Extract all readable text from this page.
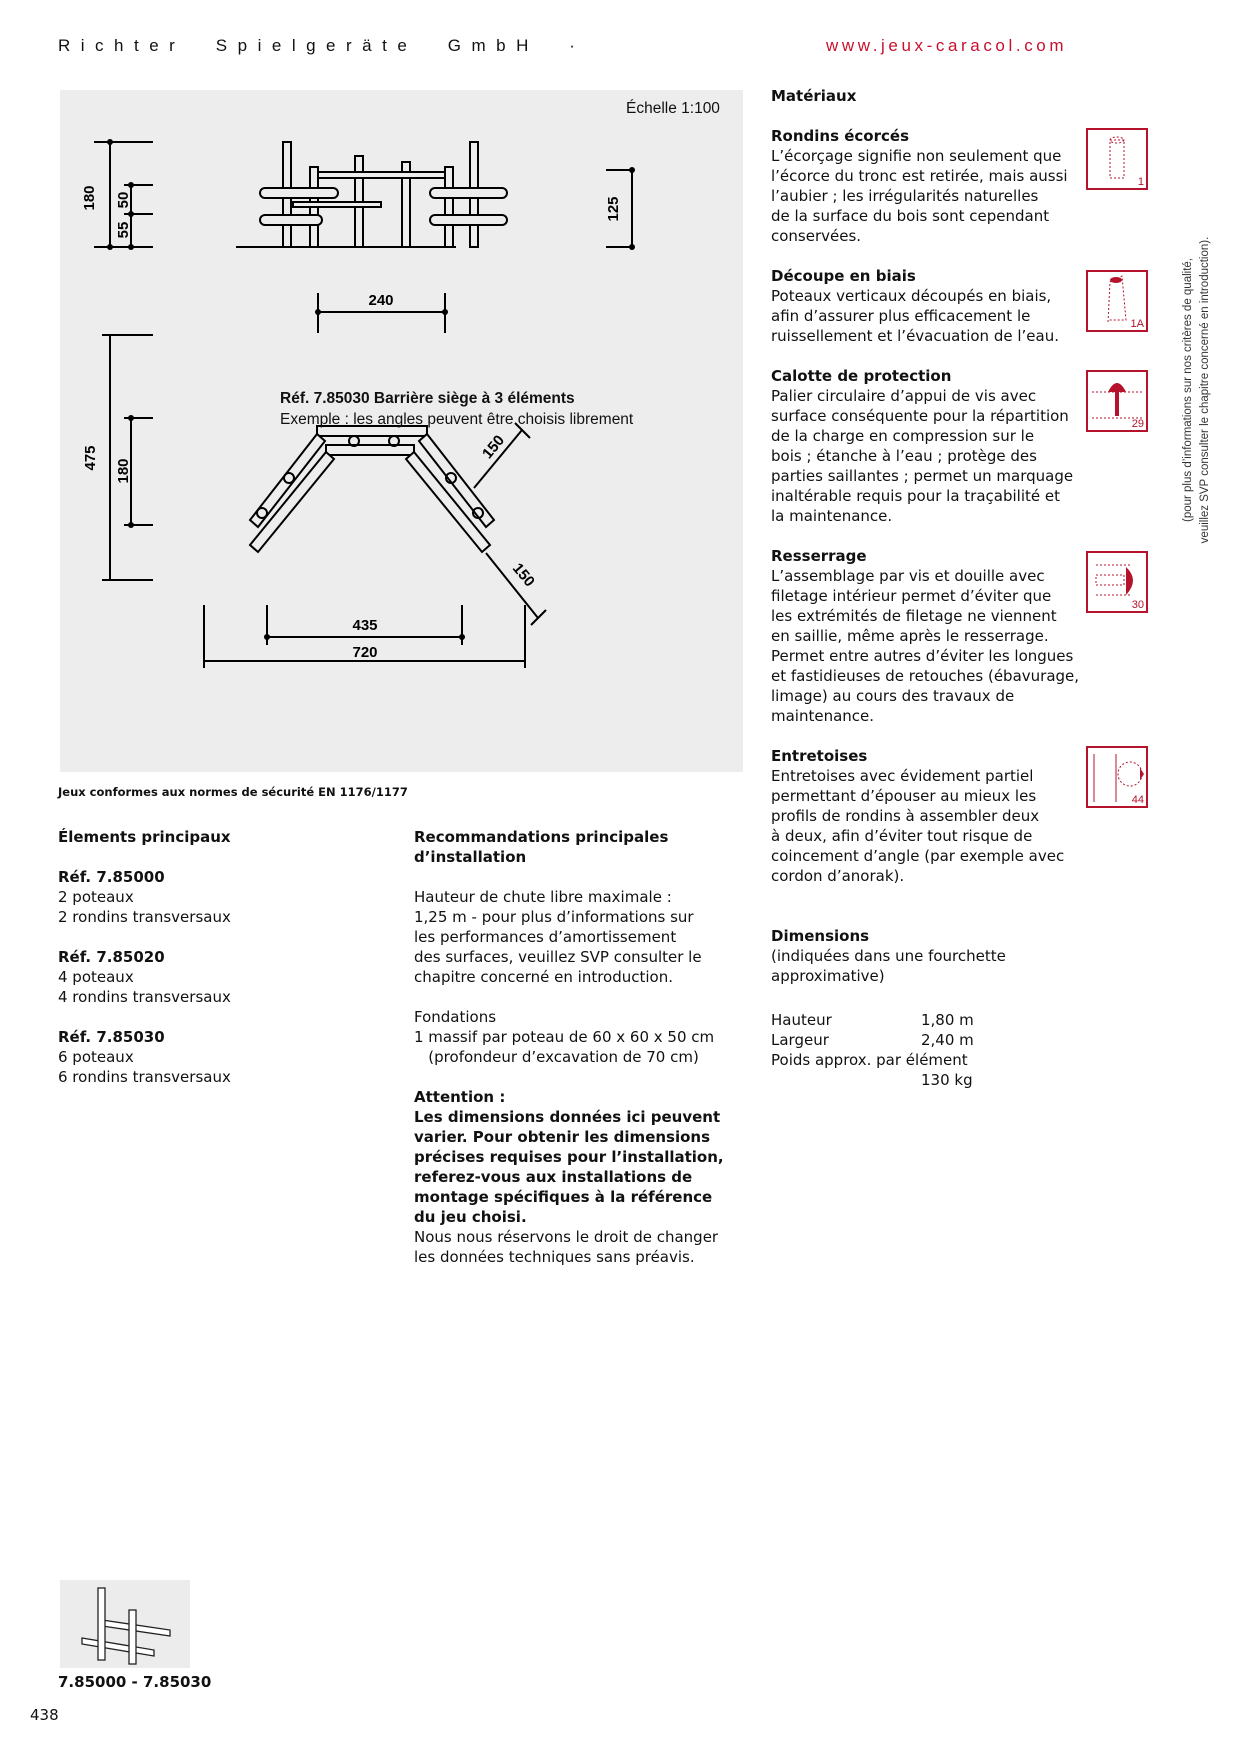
Richter  Spielgeräte  GmbH  ·	www.jeux-caracol.com
180 50
55
125
240
475
180
150
150
435
720
Échelle 1:100
Réf. 7.85030 Barrière siège à 3 éléments
Exemple : les angles peuvent être choisis librement
Jeux conformes aux normes de sécurité EN 1176/1177

Élements principaux

Réf. 7.85000

2 poteaux

2 rondins transversaux

Réf. 7.85020

4 poteaux

4 rondins transversaux

Réf. 7.85030

6 poteaux

6 rondins transversaux

Recommandations principales

d’installation

Hauteur de chute libre maximale :

1,25 m - pour plus d’informations sur

les performances d’amortissement

des surfaces, veuillez SVP consulter le

chapitre concerné en introduction.

Fondations

1 massif par poteau de 60 x 60 x 50 cm

(profondeur d’excavation de 70 cm)

Attention :

Les dimensions données ici peuvent

varier. Pour obtenir les dimensions

précises requises pour l’installation,

referez-vous aux installations de

montage spécifiques à la référence

du jeu choisi.

Nous nous réservons le droit de changer

les données techniques sans préavis.

Matériaux

Rondins écorcés

L’écorçage signifie non seulement que

l’écorce du tronc est retirée, mais aussi

l’aubier ; les irrégularités naturelles

de la surface du bois sont cependant

conservées.

Découpe en biais

Poteaux verticaux découpés en biais,

afin d’assurer plus efficacement le

ruissellement et l’évacuation de l’eau.

Calotte de protection

Palier circulaire d’appui de vis avec

surface conséquente pour la répartition

de la charge en compression sur le

bois ; étanche à l’eau ; protège des

parties saillantes ; permet un marquage

inaltérable requis pour la traçabilité et

la maintenance.

Resserrage

L’assemblage par vis et douille avec

filetage intérieur permet d’éviter que

les extrémités de filetage ne viennent

en saillie, même après le resserrage.

Permet entre autres d’éviter les longues

et fastidieuses de retouches (ébavurage,

limage) au cours des travaux de

maintenance.

Entretoises

Entretoises avec évidement partiel

permettant d’épouser au mieux les

profils de rondins à assembler deux

à deux, afin d’éviter tout risque de

coincement d’angle (par exemple avec

cordon d’anorak).

Dimensions

(indiquées dans une fourchette

approximative)

1
1A
29
30
44
Hauteur	1,80 m
Largeur	2,40 m
Poids approx. par élément
130 kg
(pour plus d’informations sur nos critères de qualité, veuillez SVP consulter le chapitre concerné en introduction).
7.85000 - 7.85030
438
